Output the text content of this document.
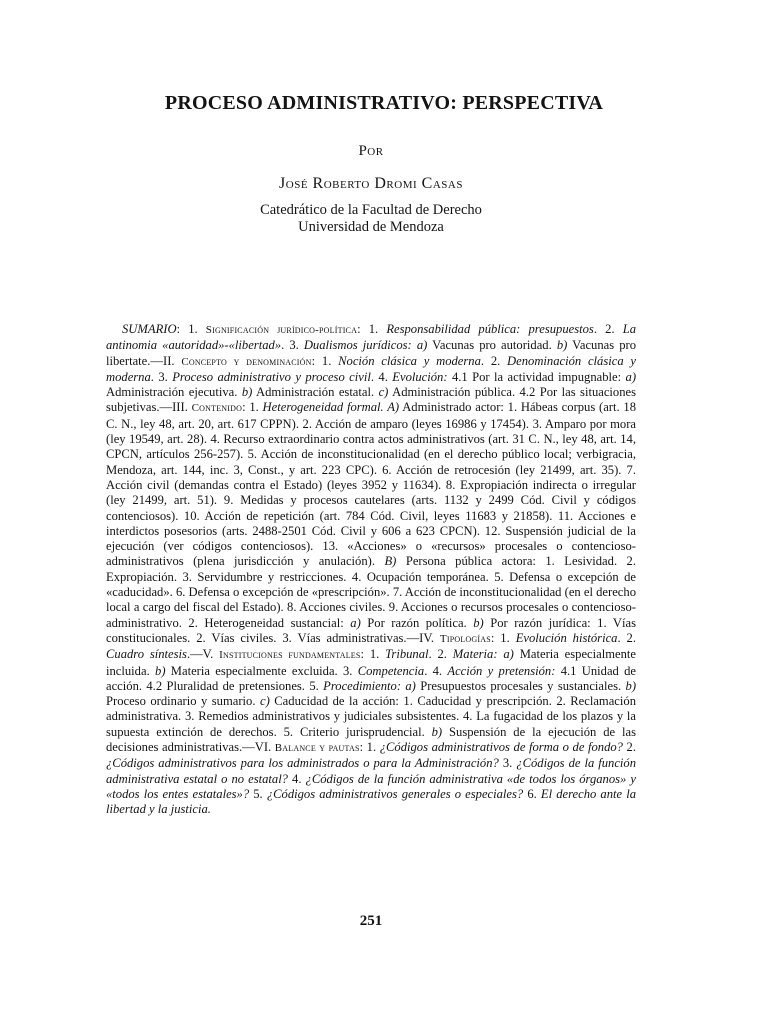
PROCESO ADMINISTRATIVO: PERSPECTIVA
Por
José Roberto Dromi Casas
Catedrático de la Facultad de Derecho
Universidad de Mendoza

SUMARIO: 1. Significación jurídico-política: 1. Responsabilidad pública: presupuestos. 2. La antinomia «autoridad»-«libertad». 3. Dualismos jurídicos: a) Vacunas pro autoridad. b) Vacunas pro libertate.—II. Concepto y denominación: 1. Noción clásica y moderna. 2. Denominación clásica y moderna. 3. Proceso administrativo y proceso civil. 4. Evolución: 4.1 Por la actividad impugnable: a) Administración ejecutiva. b) Administración estatal. c) Administración pública. 4.2 Por las situaciones subjetivas.—III. Contenido: 1. Heterogeneidad formal. A) Administrado actor: 1. Hábeas corpus (art. 18 C. N., ley 48, art. 20, art. 617 CPPN). 2. Acción de amparo (leyes 16986 y 17454). 3. Amparo por mora (ley 19549, art. 28). 4. Recurso extraordinario contra actos administrativos (art. 31 C. N., ley 48, art. 14, CPCN, artículos 256-257). 5. Acción de inconstitucionalidad (en el derecho público local; verbigracia, Mendoza, art. 144, inc. 3, Const., y art. 223 CPC). 6. Acción de retrocesión (ley 21499, art. 35). 7. Acción civil (demandas contra el Estado) (leyes 3952 y 11634). 8. Expropiación indirecta o irregular (ley 21499, art. 51). 9. Medidas y procesos cautelares (arts. 1132 y 2499 Cód. Civil y códigos contenciosos). 10. Acción de repetición (art. 784 Cód. Civil, leyes 11683 y 21858). 11. Acciones e interdictos posesorios (arts. 2488-2501 Cód. Civil y 606 a 623 CPCN). 12. Suspensión judicial de la ejecución (ver códigos contenciosos). 13. «Acciones» o «recursos» procesales o contencioso-administrativos (plena jurisdicción y anulación). B) Persona pública actora: 1. Lesividad. 2. Expropiación. 3. Servidumbre y restricciones. 4. Ocupación temporánea. 5. Defensa o excepción de «caducidad». 6. Defensa o excepción de «prescripción». 7. Acción de inconstitucionalidad (en el derecho local a cargo del fiscal del Estado). 8. Acciones civiles. 9. Acciones o recursos procesales o contencioso-administrativo. 2. Heterogeneidad sustancial: a) Por razón política. b) Por razón jurídica: 1. Vías constitucionales. 2. Vías civiles. 3. Vías administrativas.—IV. Tipologías: 1. Evolución histórica. 2. Cuadro síntesis.—V. Instituciones fundamentales: 1. Tribunal. 2. Materia: a) Materia especialmente incluida. b) Materia especialmente excluida. 3. Competencia. 4. Acción y pretensión: 4.1 Unidad de acción. 4.2 Pluralidad de pretensiones. 5. Procedimiento: a) Presupuestos procesales y sustanciales. b) Proceso ordinario y sumario. c) Caducidad de la acción: 1. Caducidad y prescripción. 2. Reclamación administrativa. 3. Remedios administrativos y judiciales subsistentes. 4. La fugacidad de los plazos y la supuesta extinción de derechos. 5. Criterio jurisprudencial. b) Suspensión de la ejecución de las decisiones administrativas.—VI. Balance y pautas: 1. ¿Códigos administrativos de forma o de fondo? 2. ¿Códigos administrativos para los administrados o para la Administración? 3. ¿Códigos de la función administrativa estatal o no estatal? 4. ¿Códigos de la función administrativa «de todos los órganos» y «todos los entes estatales»? 5. ¿Códigos administrativos generales o especiales? 6. El derecho ante la libertad y la justicia.

251
